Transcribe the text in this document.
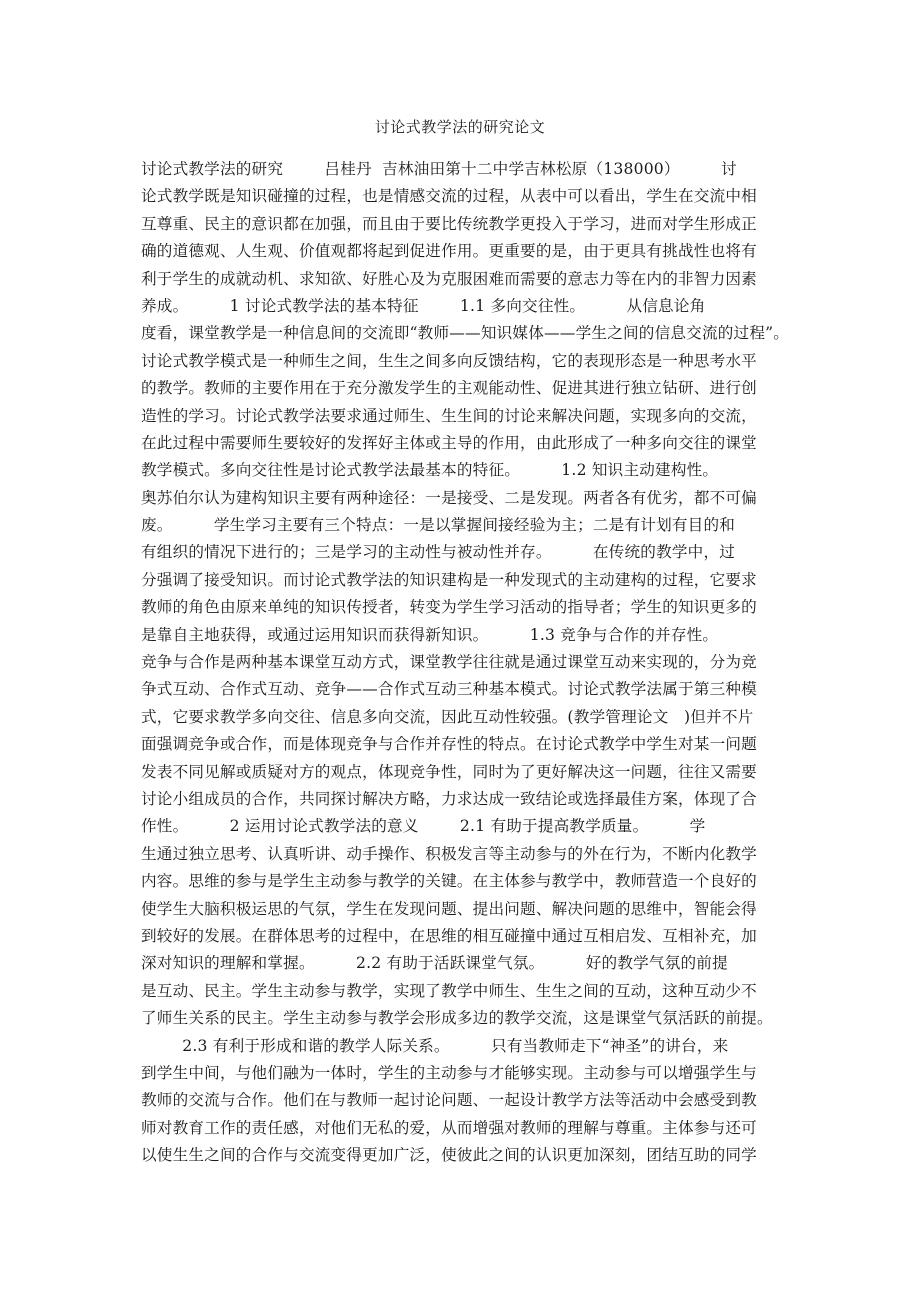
讨论式教学法的研究论文
讨论式教学法的研究        吕桂丹  吉林油田第十二中学吉林松原（138000）        讨
论式教学既是知识碰撞的过程，也是情感交流的过程，从表中可以看出，学生在交流中相
互尊重、民主的意识都在加强，而且由于要比传统教学更投入于学习，进而对学生形成正
确的道德观、人生观、价值观都将起到促进作用。更重要的是，由于更具有挑战性也将有
利于学生的成就动机、求知欲、好胜心及为克服困难而需要的意志力等在内的非智力因素
养成。        1 讨论式教学法的基本特征        1.1 多向交往性。        从信息论角
度看，课堂教学是一种信息间的交流即“教师——知识媒体——学生之间的信息交流的过程”。
讨论式教学模式是一种师生之间，生生之间多向反馈结构，它的表现形态是一种思考水平
的教学。教师的主要作用在于充分激发学生的主观能动性、促进其进行独立钻研、进行创
造性的学习。讨论式教学法要求通过师生、生生间的讨论来解决问题，实现多向的交流，
在此过程中需要师生要较好的发挥好主体或主导的作用，由此形成了一种多向交往的课堂
教学模式。多向交往性是讨论式教学法最基本的特征。        1.2 知识主动建构性。
奥苏伯尔认为建构知识主要有两种途径：一是接受、二是发现。两者各有优劣，都不可偏
废。        学生学习主要有三个特点：一是以掌握间接经验为主；二是有计划有目的和
有组织的情况下进行的；三是学习的主动性与被动性并存。        在传统的教学中，过
分强调了接受知识。而讨论式教学法的知识建构是一种发现式的主动建构的过程，它要求
教师的角色由原来单纯的知识传授者，转变为学生学习活动的指导者；学生的知识更多的
是靠自主地获得，或通过运用知识而获得新知识。        1.3 竞争与合作的并存性。
竞争与合作是两种基本课堂互动方式，课堂教学往往就是通过课堂互动来实现的，分为竞
争式互动、合作式互动、竞争——合作式互动三种基本模式。讨论式教学法属于第三种模
式，它要求教学多向交往、信息多向交流，因此互动性较强。(教学管理论文   )但并不片
面强调竞争或合作，而是体现竞争与合作并存性的特点。在讨论式教学中学生对某一问题
发表不同见解或质疑对方的观点，体现竞争性，同时为了更好解决这一问题，往往又需要
讨论小组成员的合作，共同探讨解决方略，力求达成一致结论或选择最佳方案，体现了合
作性。        2 运用讨论式教学法的意义        2.1 有助于提高教学质量。        学
生通过独立思考、认真听讲、动手操作、积极发言等主动参与的外在行为，不断内化教学
内容。思维的参与是学生主动参与教学的关键。在主体参与教学中，教师营造一个良好的
使学生大脑积极运思的气氛，学生在发现问题、提出问题、解决问题的思维中，智能会得
到较好的发展。在群体思考的过程中，在思维的相互碰撞中通过互相启发、互相补充，加
深对知识的理解和掌握。        2.2 有助于活跃课堂气氛。        好的教学气氛的前提
是互动、民主。学生主动参与教学，实现了教学中师生、生生之间的互动，这种互动少不
了师生关系的民主。学生主动参与教学会形成多边的教学交流，这是课堂气氛活跃的前提。
2.3 有利于形成和谐的教学人际关系。        只有当教师走下“神圣”的讲台，来
到学生中间，与他们融为一体时，学生的主动参与才能够实现。主动参与可以增强学生与
教师的交流与合作。他们在与教师一起讨论问题、一起设计教学方法等活动中会感受到教
师对教育工作的责任感，对他们无私的爱，从而增强对教师的理解与尊重。主体参与还可
以使生生之间的合作与交流变得更加广泛，使彼此之间的认识更加深刻，团结互助的同学
